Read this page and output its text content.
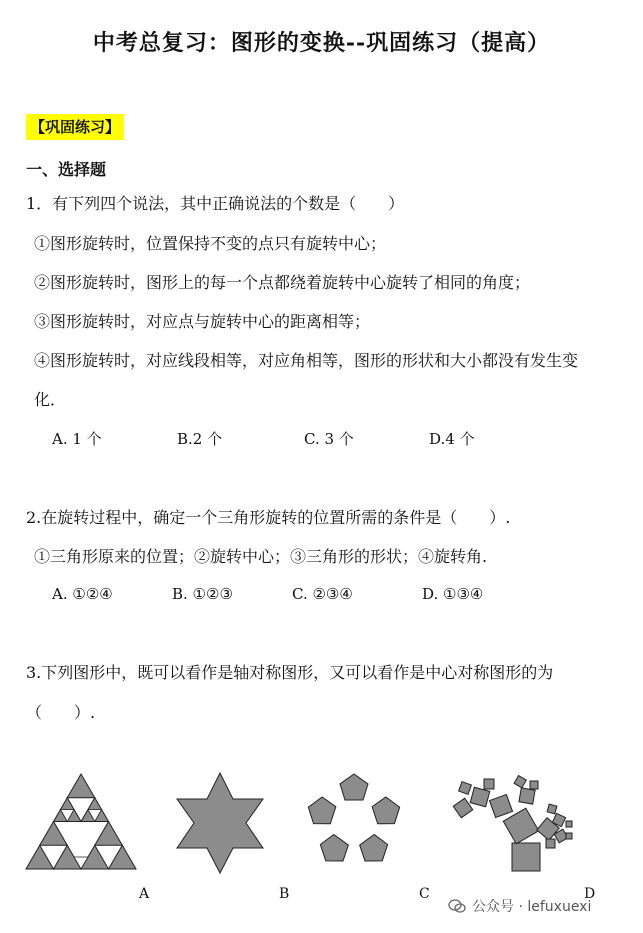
中考总复习：图形的变换--巩固练习（提高）
【巩固练习】
一、选择题
1．有下列四个说法，其中正确说法的个数是（　　）
①图形旋转时，位置保持不变的点只有旋转中心；
②图形旋转时，图形上的每一个点都绕着旋转中心旋转了相同的角度；
③图形旋转时，对应点与旋转中心的距离相等；
④图形旋转时，对应线段相等，对应角相等，图形的形状和大小都没有发生变
化．
A. 1 个	B.2 个	C. 3 个	D.4 个
2.在旋转过程中，确定一个三角形旋转的位置所需的条件是（　　）.
①三角形原来的位置；②旋转中心；③三角形的形状；④旋转角.
A. ①②④	B. ①②③	C. ②③④	D. ①③④
3.下列图形中，既可以看作是轴对称图形，又可以看作是中心对称图形的为
（　　）.
A	B	C	D
公众号 · lefuxuexi
